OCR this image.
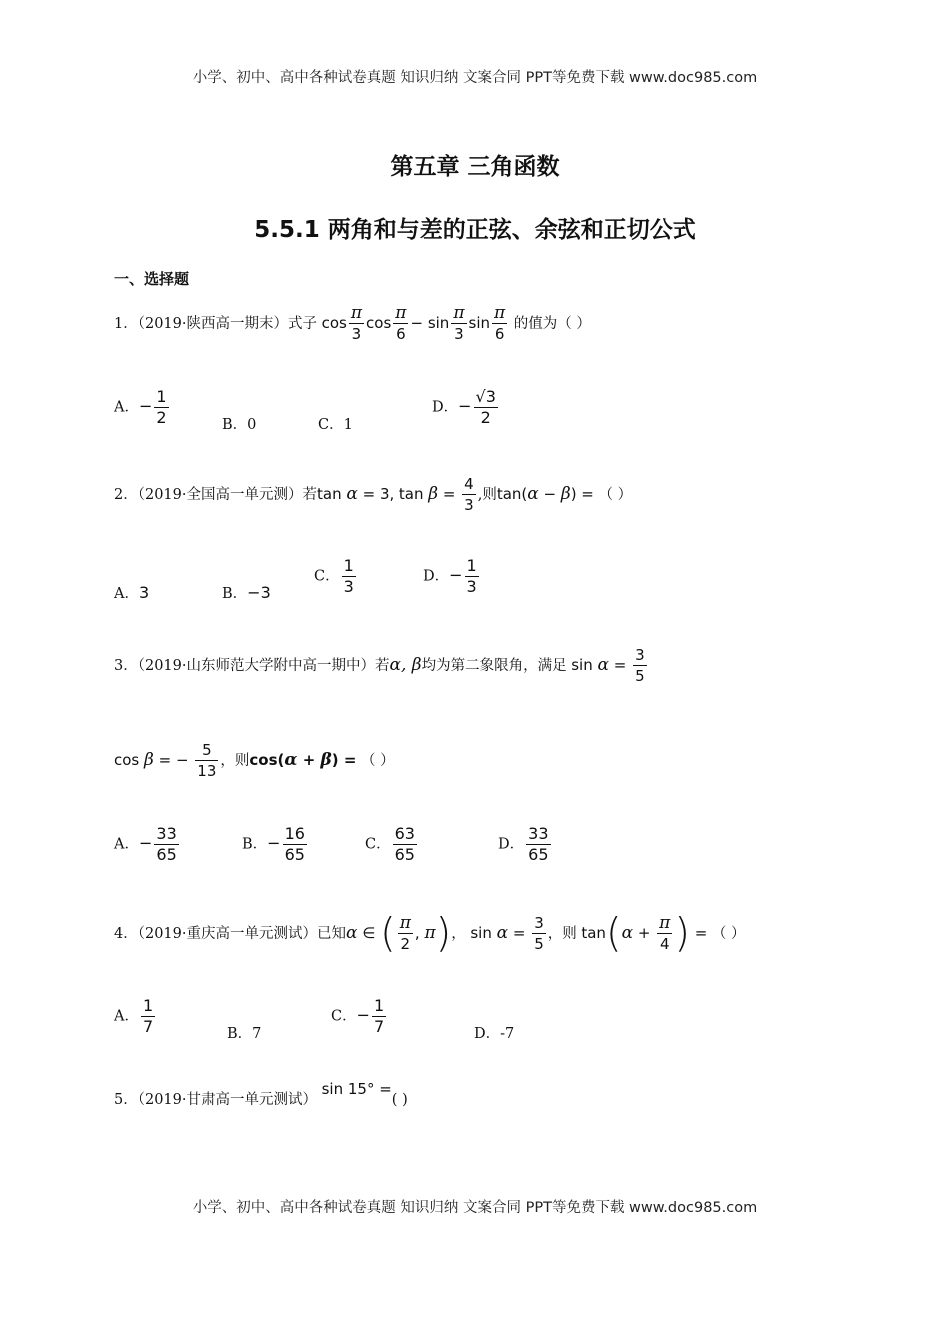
小学、初中、高中各种试卷真题 知识归纳 文案合同 PPT等免费下载 www.doc985.com
小学、初中、高中各种试卷真题 知识归纳 文案合同 PPT等免费下载 www.doc985.com
第五章 三角函数
5.5.1 两角和与差的正弦、余弦和正切公式
一、选择题
1．（2019·陕西高一期末）式子 $\cos \frac{\pi}{3}$ $\cos \frac{\pi}{6} - \sin \frac{\pi}{3}$ $\sin \frac{\pi}{6}$ 的值为（ ）
A．− $\frac{1}{2}$	B．0	C．1
D．− $\frac{√3}{2}$
2．（2019·全国高一单元测）若tan α = 3, $\tan \beta = \frac{4}{3}$ ,则tan(α − β) = （ ）
A．3	B．−3
C． $\frac{1}{3}$	D．− $\frac{1}{3}$
3．（2019·山东师范大学附中高一期中）若α, β均为第二象限角，满足 $\sin \alpha = \frac{3}{5}$
cos β = − $\frac{5}{13}$ ，则cos(α + β) = （ ）
A．− $\frac{33}{65}$	B．− $\frac{16}{65}$	C． $\frac{63}{65}$	D． $\frac{33}{65}$
4．（2019·重庆高一单元测试）已知α ∈ ( $\frac{\pi}{2}$ , π)， $\sin \alpha = \frac{3}{5}$ ，则 $\tan(\alpha + \frac{\pi}{4}$ ) = （ ）
A． $\frac{1}{7}$	B．7
C．− $\frac{1}{7}$	D．-7
5．（2019·甘肃高一单元测试） sin 15° =( )
